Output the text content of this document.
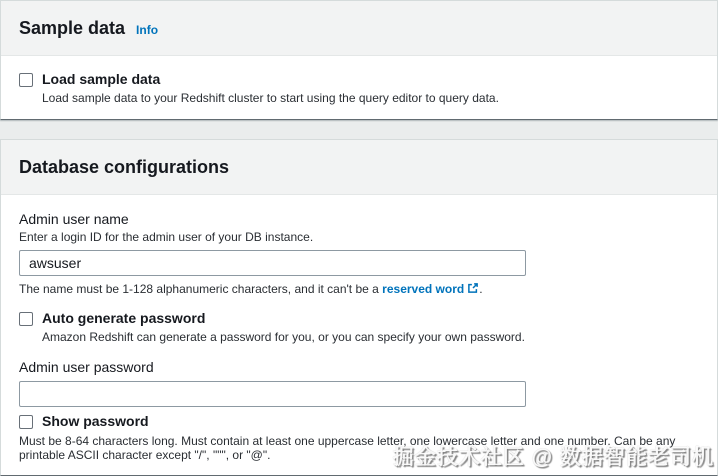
Sample data Info
Load sample data
Load sample data to your Redshift cluster to start using the query editor to query data.
Database configurations
Admin user name
Enter a login ID for the admin user of your DB instance.
awsuser
The name must be 1-128 alphanumeric characters, and it can't be a reserved word .
Auto generate password
Amazon Redshift can generate a password for you, or you can specify your own password.
Admin user password
Show password
Must be 8-64 characters long. Must contain at least one uppercase letter, one lowercase letter and one number. Can be any printable ASCII character except "/", """, or "@".	掘金技术社区 @ 数据智能老司机
